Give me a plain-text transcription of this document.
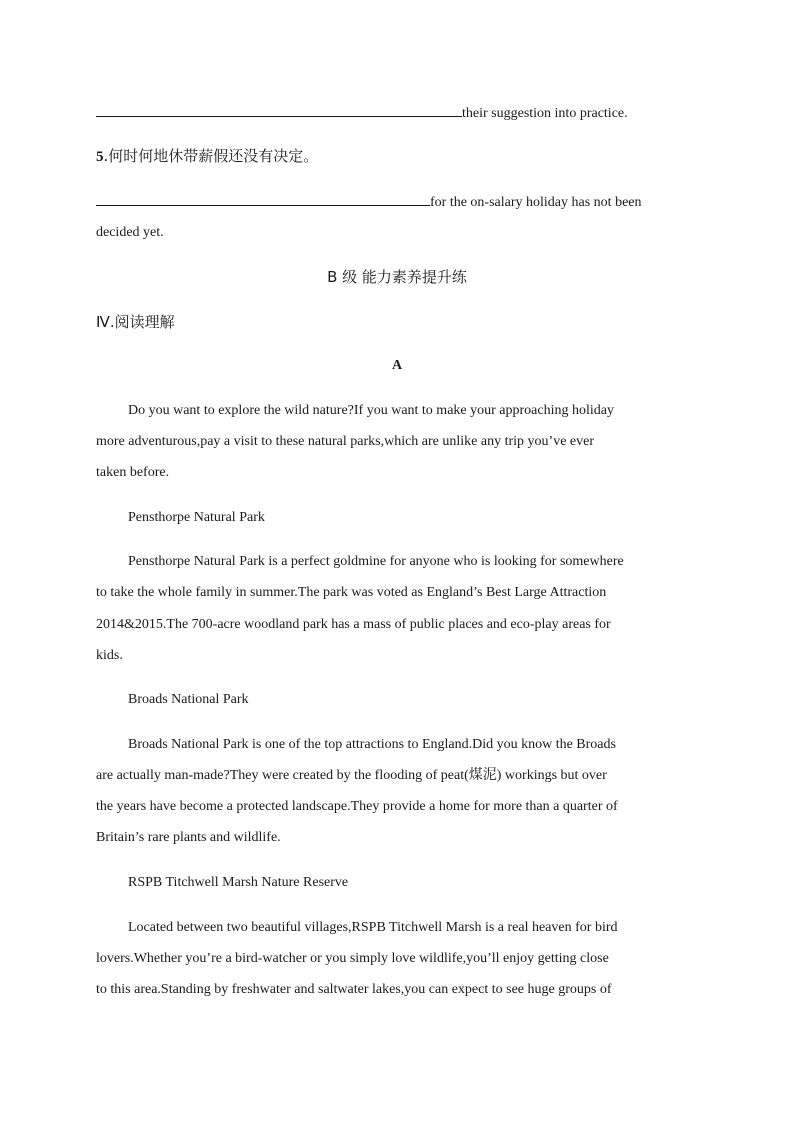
their suggestion into practice.
5.何时何地休带薪假还没有决定。
for the on-salary holiday has not been
decided yet.
B 级 能力素养提升练
Ⅳ.阅读理解
A
Do you want to explore the wild nature?If you want to make your approaching holiday
more adventurous,pay a visit to these natural parks,which are unlike any trip you’ve ever
taken before.
Pensthorpe Natural Park
Pensthorpe Natural Park is a perfect goldmine for anyone who is looking for somewhere
to take the whole family in summer.The park was voted as England’s Best Large Attraction
2014&2015.The 700-acre woodland park has a mass of public places and eco-play areas for
kids.
Broads National Park
Broads National Park is one of the top attractions to England.Did you know the Broads
are actually man-made?They were created by the flooding of peat(煤泥) workings but over
the years have become a protected landscape.They provide a home for more than a quarter of
Britain’s rare plants and wildlife.
RSPB Titchwell Marsh Nature Reserve
Located between two beautiful villages,RSPB Titchwell Marsh is a real heaven for bird
lovers.Whether you’re a bird-watcher or you simply love wildlife,you’ll enjoy getting close
to this area.Standing by freshwater and saltwater lakes,you can expect to see huge groups of
